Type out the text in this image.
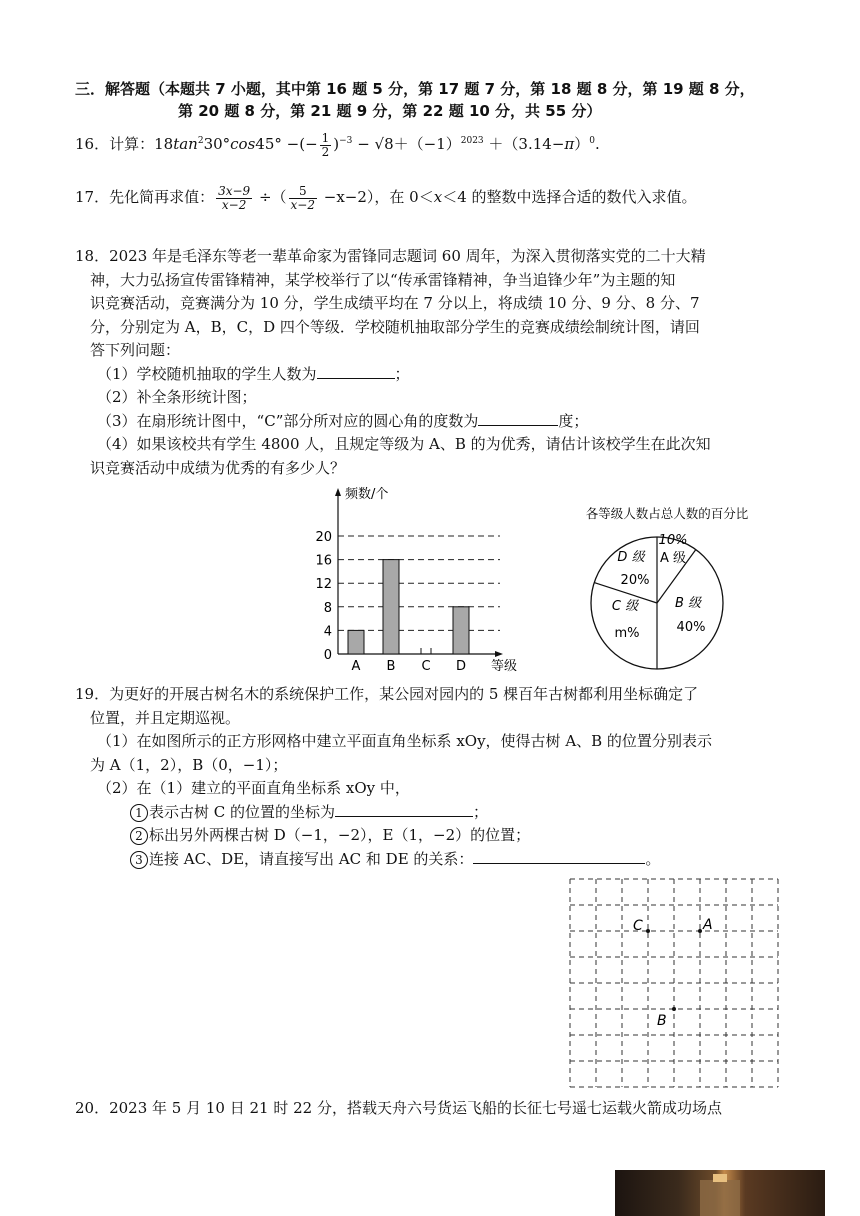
三．解答题（本题共 7 小题，其中第 16 题 5 分，第 17 题 7 分，第 18 题 8 分，第 19 题 8 分，
第 20 题 8 分，第 21 题 9 分，第 22 题 10 分，共 55 分）
16．计算：$18\tan^230^\circ\cos 45^\circ$ −(− $\frac{1}{2} )^{-3} - √8+(-1)^{2023} +(3.14-\pi)^0$.
17．先化简再求值： $\frac{3x-9}{x-2}$ ÷（ $\frac{5}{x-2} -x-2$），在 0＜x＜4 的整数中选择合适的数代入求值。
18．2023 年是毛泽东等老一辈革命家为雷锋同志题词 60 周年，为深入贯彻落实党的二十大精
神，大力弘扬宣传雷锋精神，某学校举行了以“传承雷锋精神，争当追锋少年”为主题的知
识竞赛活动，竞赛满分为 10 分，学生成绩平均在 7 分以上，将成绩 10 分、9 分、8 分、7
分，分别定为 A，B，C，D 四个等级．学校随机抽取部分学生的竞赛成绩绘制统计图，请回
答下列问题：
（1）学校随机抽取的学生人数为	；
（2）补全条形统计图；
（3）在扇形统计图中，“C”部分所对应的圆心角的度数为	度；
（4）如果该校共有学生 4800 人，且规定等级为 A、B 的为优秀，请估计该校学生在此次知
识竞赛活动中成绩为优秀的有多少人？
频数/个
等级
0
4
8
12
16
20
A B C D
各等级人数占总人数的百分比
10%
A 级
B 级
40%
C 级
m%
D 级
20%
19．为更好的开展古树名木的系统保护工作，某公园对园内的 5 棵百年古树都利用坐标确定了
位置，并且定期巡视。
（1）在如图所示的正方形网格中建立平面直角坐标系 xOy，使得古树 A、B 的位置分别表示
为 A（1，2），B（0，−1）；
（2）在（1）建立的平面直角坐标系 xOy 中，
1 表示古树 C 的位置的坐标为	；
2 标出另外两棵古树 D（−1，−2），E（1，−2）的位置；
3 连接 AC、DE，请直接写出 AC 和 DE 的关系：	。
C	A
B
20．2023 年 5 月 10 日 21 时 22 分，搭载天舟六号货运飞船的长征七号遥七运载火箭成功场点
